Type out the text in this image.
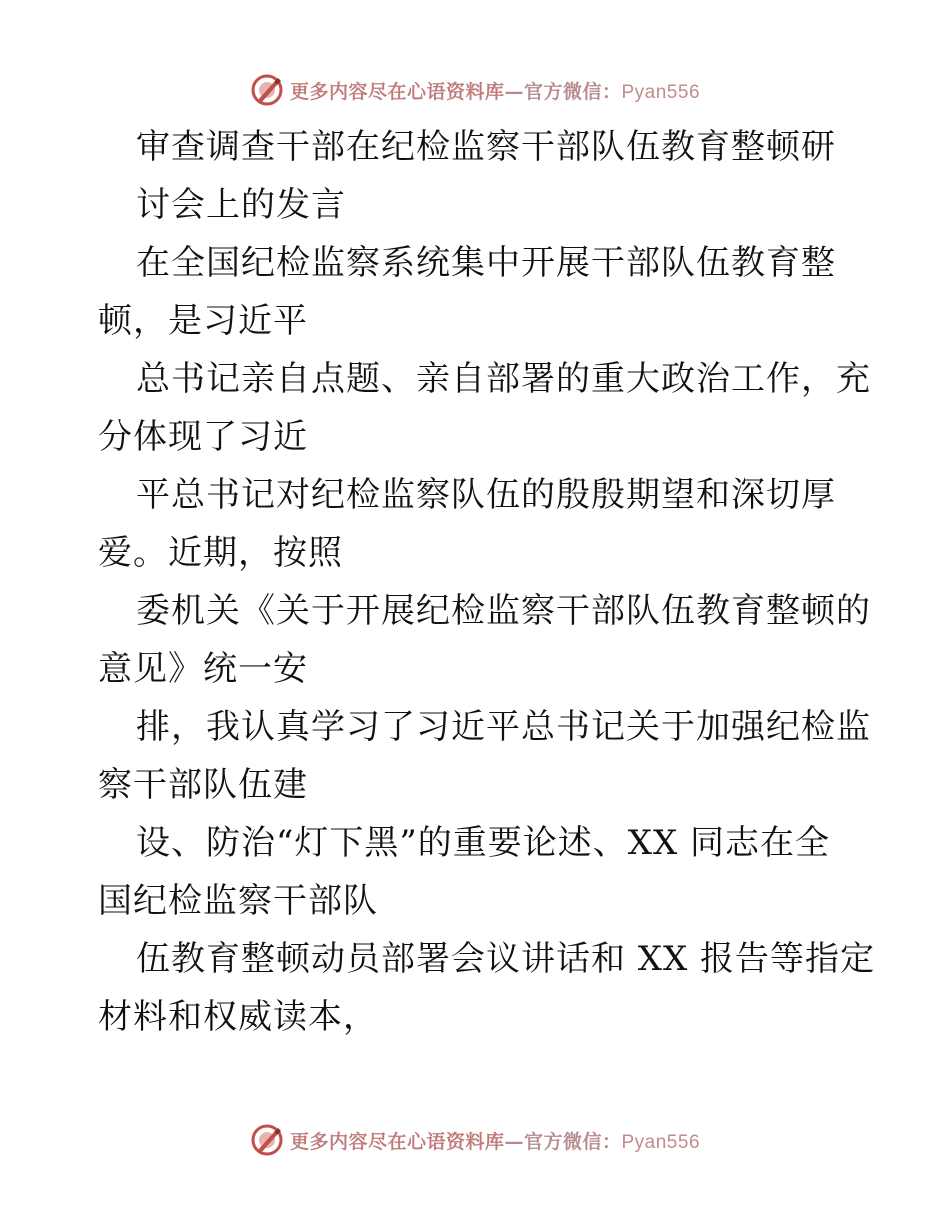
更多内容尽在心语资料库—官方微信：Pyan556
审查调查干部在纪检监察干部队伍教育整顿研
讨会上的发言
在全国纪检监察系统集中开展干部队伍教育整
顿，是习近平
总书记亲自点题、亲自部署的重大政治工作，充
分体现了习近
平总书记对纪检监察队伍的殷殷期望和深切厚
爱。近期，按照
委机关《关于开展纪检监察干部队伍教育整顿的
意见》统一安
排，我认真学习了习近平总书记关于加强纪检监
察干部队伍建
设、防治“灯下黑”的重要论述、XX 同志在全
国纪检监察干部队
伍教育整顿动员部署会议讲话和 XX 报告等指定
材料和权威读本，
更多内容尽在心语资料库—官方微信：Pyan556
